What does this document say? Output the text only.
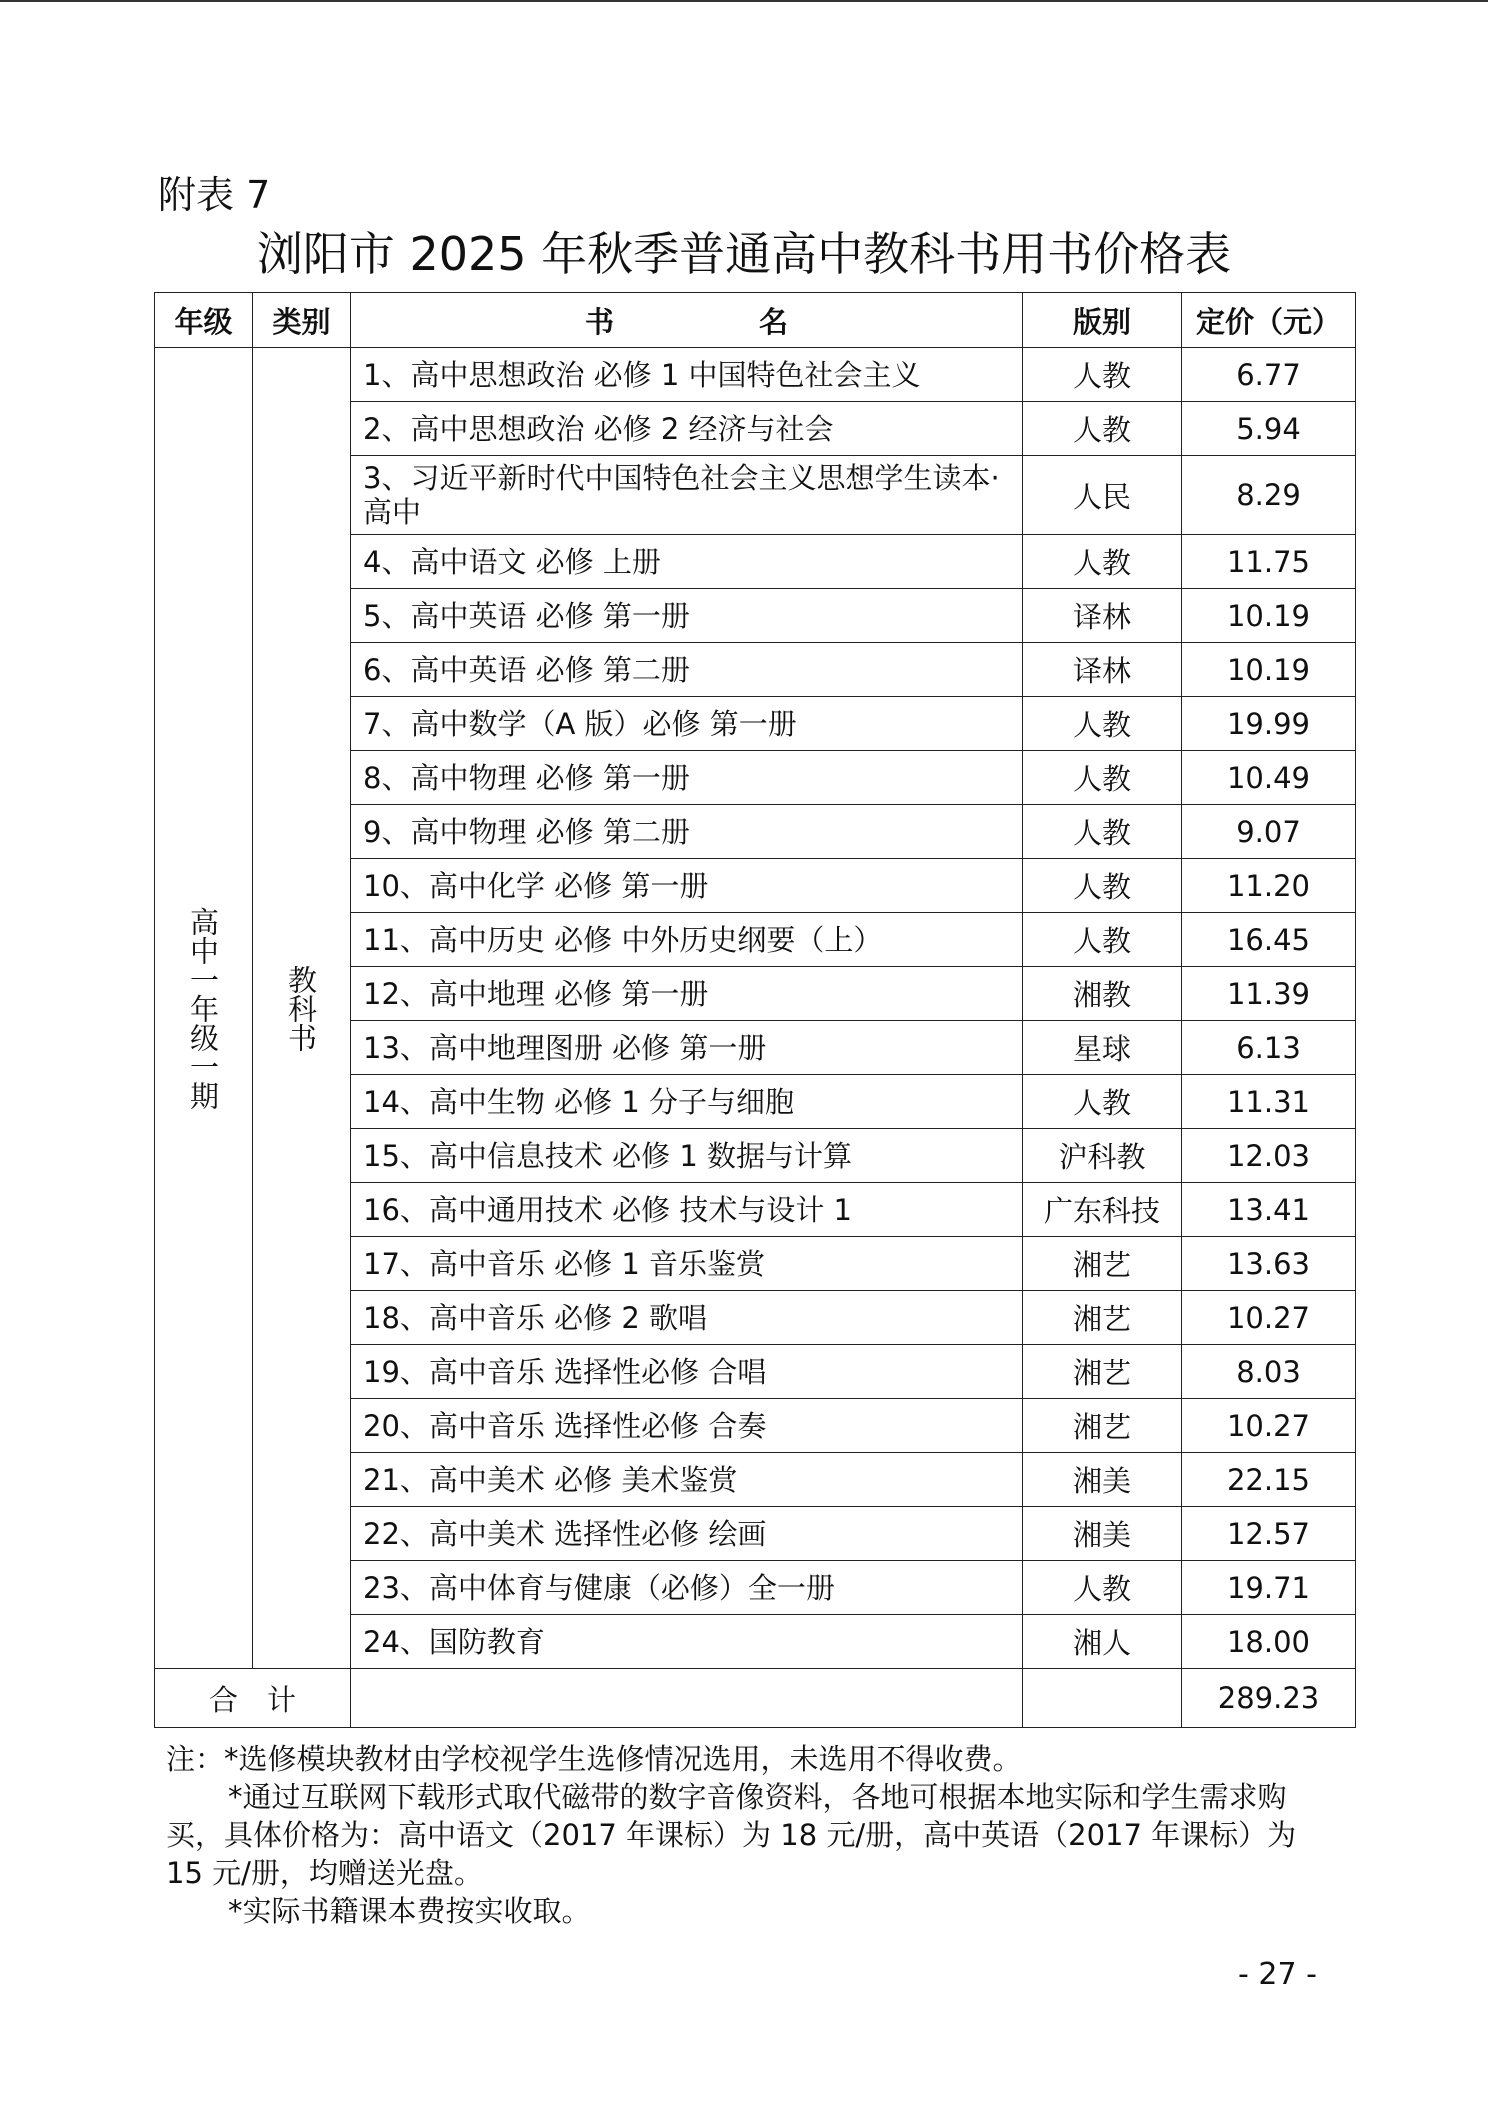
附表 7
浏阳市 2025 年秋季普通高中教科书用书价格表
年级	类别	书　　　　　名	版别	定价（元）

高中一年级一期	教科书	1、高中思想政治 必修 1 中国特色社会主义	人教	6.77
		2、高中思想政治 必修 2 经济与社会	人教	5.94
		3、习近平新时代中国特色社会主义思想学生读本·高中	人民	8.29
		4、高中语文 必修 上册	人教	11.75
		5、高中英语 必修 第一册	译林	10.19
		6、高中英语 必修 第二册	译林	10.19
		7、高中数学（A 版）必修 第一册	人教	19.99
		8、高中物理 必修 第一册	人教	10.49
		9、高中物理 必修 第二册	人教	9.07
		10、高中化学 必修 第一册	人教	11.20
		11、高中历史 必修 中外历史纲要（上）	人教	16.45
		12、高中地理 必修 第一册	湘教	11.39
		13、高中地理图册 必修 第一册	星球	6.13
		14、高中生物 必修 1 分子与细胞	人教	11.31
		15、高中信息技术 必修 1 数据与计算	沪科教	12.03
		16、高中通用技术 必修 技术与设计 1	广东科技	13.41
		17、高中音乐 必修 1 音乐鉴赏	湘艺	13.63
		18、高中音乐 必修 2 歌唱	湘艺	10.27
		19、高中音乐 选择性必修 合唱	湘艺	8.03
		20、高中音乐 选择性必修 合奏	湘艺	10.27
		21、高中美术 必修 美术鉴赏	湘美	22.15
		22、高中美术 选择性必修 绘画	湘美	12.57
		23、高中体育与健康（必修）全一册	人教	19.71
		24、国防教育	湘人	18.00
合　计				289.23

注：*选修模块教材由学校视学生选修情况选用，未选用不得收费。

*通过互联网下载形式取代磁带的数字音像资料，各地可根据本地实际和学生需求购买，具体价格为：高中语文（2017 年课标）为 18 元/册，高中英语（2017 年课标）为 15 元/册，均赠送光盘。

*实际书籍课本费按实收取。

- 27 -
